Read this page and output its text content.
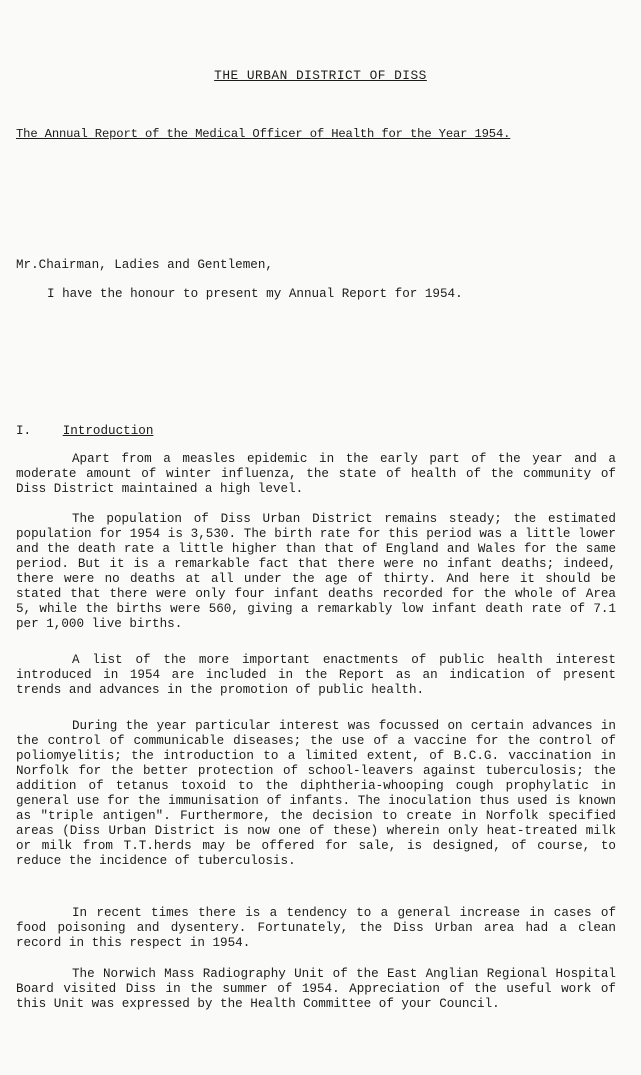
THE URBAN DISTRICT OF DISS
The Annual Report of the Medical Officer of Health for the Year 1954.
Mr.Chairman, Ladies and Gentlemen,
I have the honour to present my Annual Report for 1954.
I.	Introduction

Apart from a measles epidemic in the early part of the year and a moderate amount of winter influenza, the state of health of the community of Diss District maintained a high level.

The population of Diss Urban District remains steady; the estimated population for 1954 is 3,530. The birth rate for this period was a little lower and the death rate a little higher than that of England and Wales for the same period. But it is a remarkable fact that there were no infant deaths; indeed, there were no deaths at all under the age of thirty. And here it should be stated that there were only four infant deaths recorded for the whole of Area 5, while the births were 560, giving a remarkably low infant death rate of 7.1 per 1,000 live births.

A list of the more important enactments of public health interest introduced in 1954 are included in the Report as an indication of present trends and advances in the promotion of public health.

During the year particular interest was focussed on certain advances in the control of communicable diseases; the use of a vaccine for the control of poliomyelitis; the introduction to a limited extent, of B.C.G. vaccination in Norfolk for the better protection of school-leavers against tuberculosis; the addition of tetanus toxoid to the diphtheria-whooping cough prophylatic in general use for the immunisation of infants. The inoculation thus used is known as "triple antigen". Furthermore, the decision to create in Norfolk specified areas (Diss Urban District is now one of these) wherein only heat-treated milk or milk from T.T.herds may be offered for sale, is designed, of course, to reduce the incidence of tuberculosis.

In recent times there is a tendency to a general increase in cases of food poisoning and dysentery. Fortunately, the Diss Urban area had a clean record in this respect in 1954.

The Norwich Mass Radiography Unit of the East Anglian Regional Hospital Board visited Diss in the summer of 1954. Appreciation of the useful work of this Unit was expressed by the Health Committee of your Council.
